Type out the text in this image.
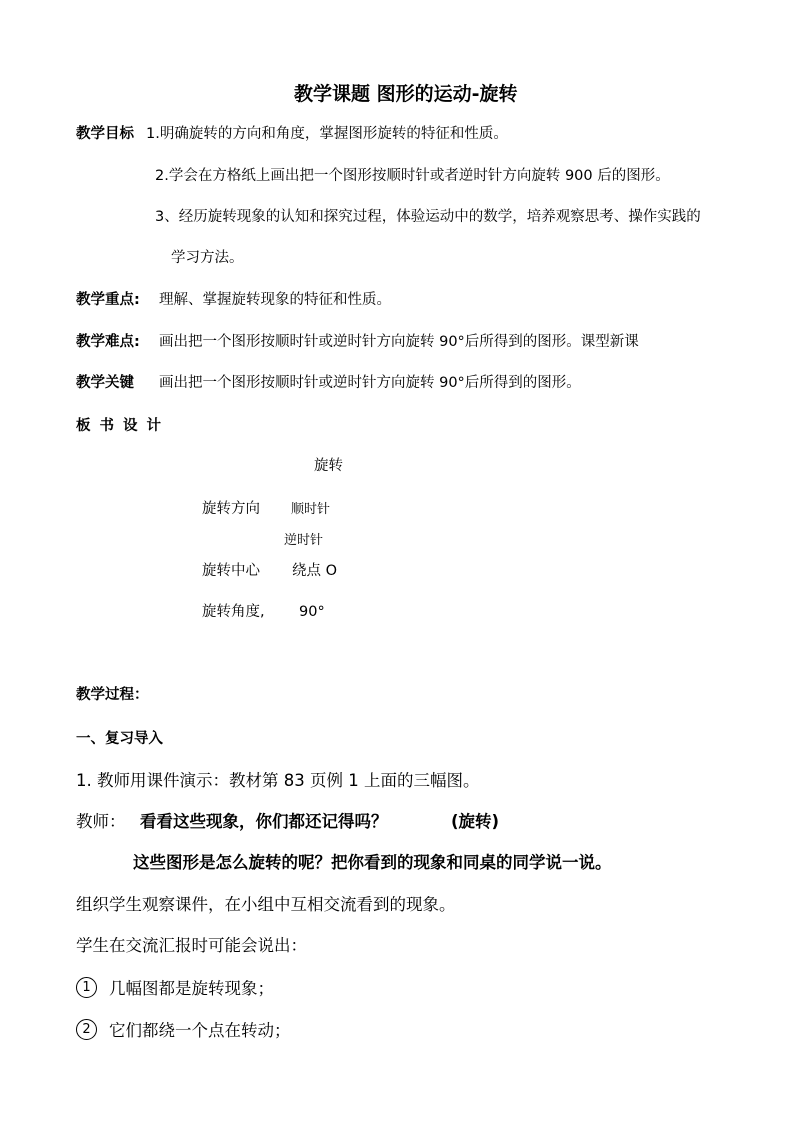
教学课题 图形的运动-旋转
教学目标 1.明确旋转的方向和角度，掌握图形旋转的特征和性质。
2.学会在方格纸上画出把一个图形按顺时针或者逆时针方向旋转 900 后的图形。
3、经历旋转现象的认知和探究过程，体验运动中的数学，培养观察思考、操作实践的
学习方法。
教学重点: 理解、掌握旋转现象的特征和性质。
教学难点: 画出把一个图形按顺时针或逆时针方向旋转 90°后所得到的图形。课型新课
教学关键 画出把一个图形按顺时针或逆时针方向旋转 90°后所得到的图形。
板书设计
旋转
旋转方向 顺时针
逆时针
旋转中心 绕点 O
旋转角度, 90°
教学过程：
一、复习导入
1. 教师用课件演示：教材第 83 页例 1 上面的三幅图。
教师： 看看这些现象，你们都还记得吗？	(旋转)
这些图形是怎么旋转的呢？把你看到的现象和同桌的同学说一说。
组织学生观察课件，在小组中互相交流看到的现象。
学生在交流汇报时可能会说出：
1 几幅图都是旋转现象；
2 它们都绕一个点在转动；
